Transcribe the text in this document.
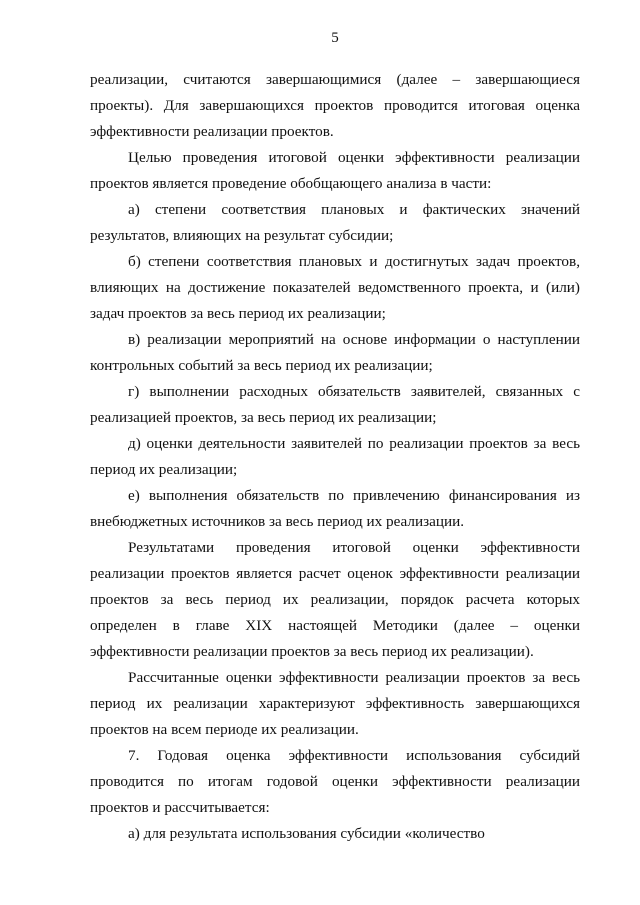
5

реализации, считаются завершающимися (далее – завершающиеся проекты). Для завершающихся проектов проводится итоговая оценка эффективности реализации проектов.

Целью проведения итоговой оценки эффективности реализации проектов является проведение обобщающего анализа в части:

а) степени соответствия плановых и фактических значений результатов, влияющих на результат субсидии;

б) степени соответствия плановых и достигнутых задач проектов, влияющих на достижение показателей ведомственного проекта, и (или) задач проектов за весь период их реализации;

в) реализации мероприятий на основе информации о наступлении контрольных событий за весь период их реализации;

г) выполнении расходных обязательств заявителей, связанных с реализацией проектов, за весь период их реализации;

д) оценки деятельности заявителей по реализации проектов за весь период их реализации;

е) выполнения обязательств по привлечению финансирования из внебюджетных источников за весь период их реализации.

Результатами проведения итоговой оценки эффективности реализации проектов является расчет оценок эффективности реализации проектов за весь период их реализации, порядок расчета которых определен в главе XIX настоящей Методики (далее – оценки эффективности реализации проектов за весь период их реализации).

Рассчитанные оценки эффективности реализации проектов за весь период их реализации характеризуют эффективность завершающихся проектов на всем периоде их реализации.

7. Годовая оценка эффективности использования субсидий проводится по итогам годовой оценки эффективности реализации проектов и рассчитывается:

а) для результата использования субсидии «количество
